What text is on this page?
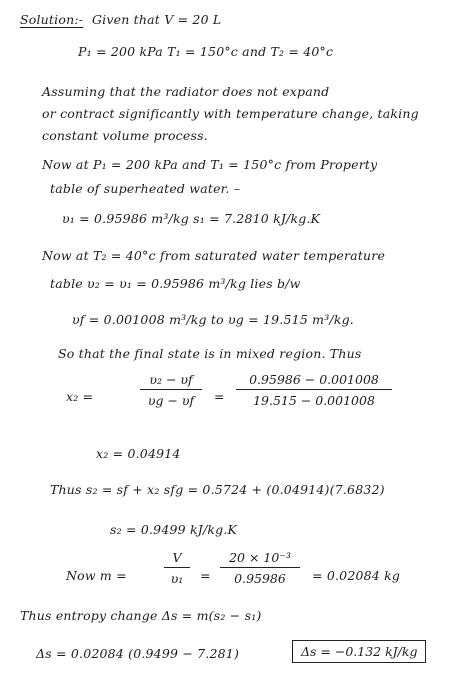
Solution:- Given that V = 20 L
P₁ = 200 kPa T₁ = 150°c and T₂ = 40°c
Assuming that the radiator does not expand
or contract significantly with temperature change, taking
constant volume process.
Now at P₁ = 200 kPa and T₁ = 150°c from Property
table of superheated water. –
υ₁ = 0.95986 m³/kg s₁ = 7.2810 kJ/kg.K
Now at T₂ = 40°c from saturated water temperature
table υ₂ = υ₁ = 0.95986 m³/kg lies b/w
υf = 0.001008 m³/kg to υg = 19.515 m³/kg.
So that the final state is in mixed region. Thus
x₂ =
υ₂ − υf
υg − υf	=
0.95986 − 0.001008
19.515 − 0.001008
x₂ = 0.04914
Thus s₂ = sf + x₂ sfg = 0.5724 + (0.04914)(7.6832)
s₂ = 0.9499 kJ/kg.K
Now m =
V
υ₁	=
20 × 10⁻³
0.95986	= 0.02084 kg
Thus entropy change Δs = m(s₂ − s₁)
Δs = 0.02084 (0.9499 − 7.281)	Δs = −0.132 kJ/kg
